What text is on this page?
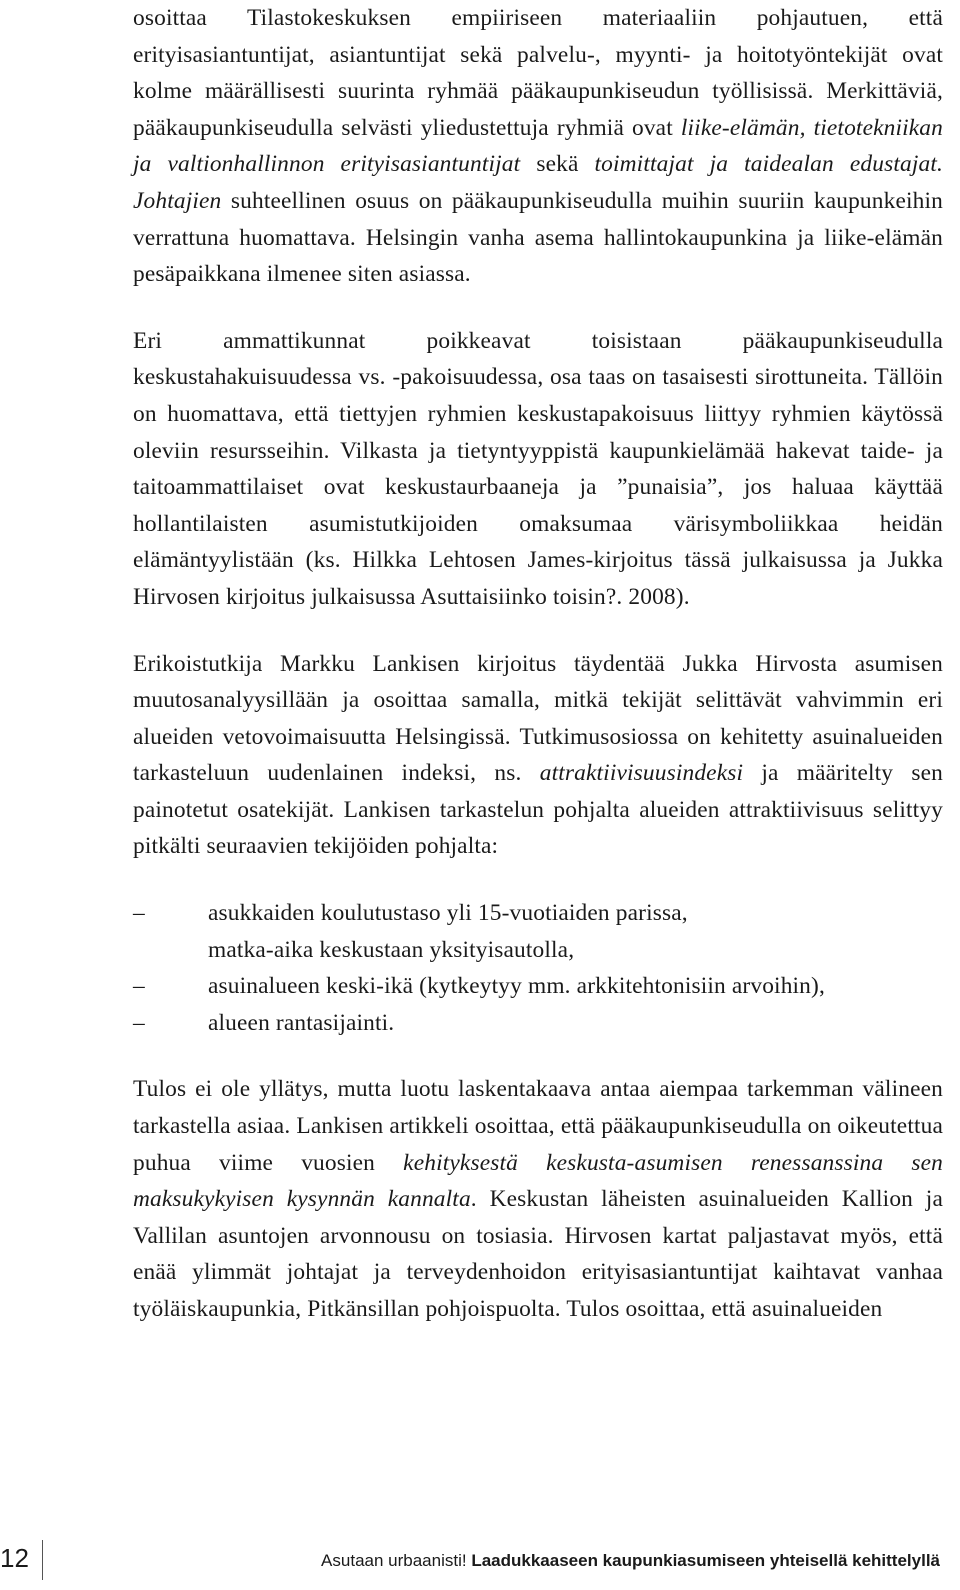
osoittaa Tilastokeskuksen empiiriseen materiaaliin pohjautuen, että erityisasiantuntijat, asiantuntijat sekä palvelu-, myynti- ja hoitotyöntekijät ovat kolme määrällisesti suurinta ryhmää pääkaupunkiseudun työllisissä. Merkittäviä, pääkaupunkiseudulla selvästi yliedustettuja ryhmiä ovat liike-elämän, tietotekniikan ja valtionhallinnon erityisasiantuntijat sekä toimittajat ja taidealan edustajat. Johtajien suhteellinen osuus on pääkaupunkiseudulla muihin suuriin kaupunkeihin verrattuna huomattava. Helsingin vanha asema hallintokaupunkina ja liike-elämän pesäpaikkana ilmenee siten asiassa.

Eri ammattikunnat poikkeavat toisistaan pääkaupunkiseudulla keskustahakuisuudessa vs. -pakoisuudessa, osa taas on tasaisesti sirottuneita. Tällöin on huomattava, että tiettyjen ryhmien keskustapakoisuus liittyy ryhmien käytössä oleviin resursseihin. Vilkasta ja tietyntyyppistä kaupunkielämää hakevat taide- ja taitoammattilaiset ovat keskustaurbaaneja ja ”punaisia”, jos haluaa käyttää hollantilaisten asumistutkijoiden omaksumaa värisymboliikkaa heidän elämäntyylistään (ks. Hilkka Lehtosen James-kirjoitus tässä julkaisussa ja Jukka Hirvosen kirjoitus julkaisussa Asuttaisiinko toisin?. 2008).

Erikoistutkija Markku Lankisen kirjoitus täydentää Jukka Hirvosta asumisen muutosanalyysillään ja osoittaa samalla, mitkä tekijät selittävät vahvimmin eri alueiden vetovoimaisuutta Helsingissä. Tutkimusosiossa on kehitetty asuinalueiden tarkasteluun uudenlainen indeksi, ns. attraktiivisuusindeksi ja määritelty sen painotetut osatekijät. Lankisen tarkastelun pohjalta alueiden attraktiivisuus selittyy pitkälti seuraavien tekijöiden pohjalta:

–	asukkaiden koulutustaso yli 15-vuotiaiden parissa,
matka-aika keskustaan yksityisautolla,
–	asuinalueen keski-ikä (kytkeytyy mm. arkkitehtonisiin arvoihin),
–	alueen rantasijainti.

Tulos ei ole yllätys, mutta luotu laskentakaava antaa aiempaa tarkemman välineen tarkastella asiaa. Lankisen artikkeli osoittaa, että pääkaupunkiseudulla on oikeutettua puhua viime vuosien kehityksestä keskusta-asumisen renessanssina sen maksukykyisen kysynnän kannalta. Keskustan läheisten asuinalueiden Kallion ja Vallilan asuntojen arvonnousu on tosiasia. Hirvosen kartat paljastavat myös, että enää ylimmät johtajat ja terveydenhoidon erityisasiantuntijat kaihtavat vanhaa työläiskaupunkia, Pitkänsillan pohjoispuolta. Tulos osoittaa, että asuinalueiden

12	Asutaan urbaanisti! Laadukkaaseen kaupunkiasumiseen yhteisellä kehittelyllä
